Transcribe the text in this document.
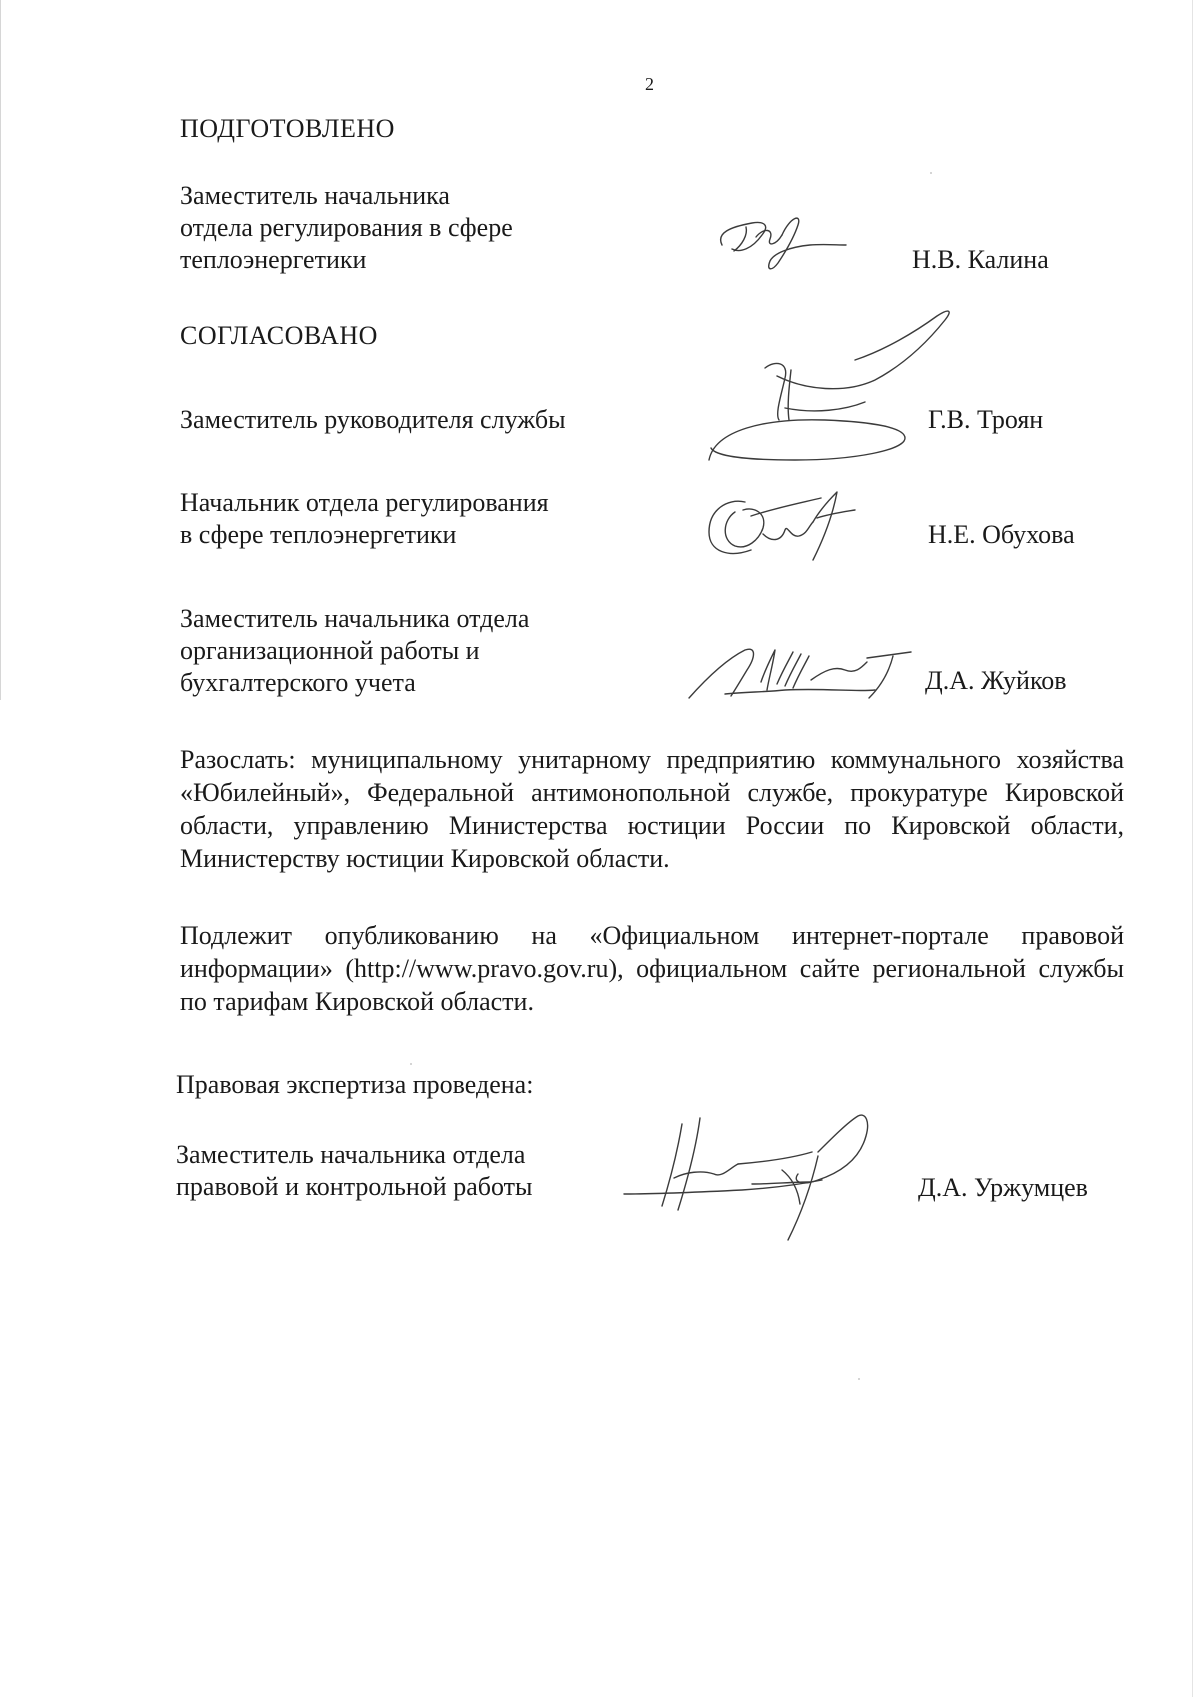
2
ПОДГОТОВЛЕНО
Заместитель начальника
отдела регулирования в сфере
теплоэнергетики	Н.В. Калина
СОГЛАСОВАНО
Заместитель руководителя службы	Г.В. Троян
Начальник отдела регулирования
в сфере теплоэнергетики	Н.Е. Обухова
Заместитель начальника отдела
организационной работы и
бухгалтерского учета	Д.А. Жуйков
Разослать: муниципальному унитарному предприятию коммунального хозяйства «Юбилейный», Федеральной антимонопольной службе, прокуратуре Кировской области, управлению Министерства юстиции России по Кировской области, Министерству юстиции Кировской области.
Подлежит опубликованию на «Официальном интернет-портале правовой информации» (http://www.pravo.gov.ru), официальном сайте региональной службы по тарифам Кировской области.
Правовая экспертиза проведена:
Заместитель начальника отдела
правовой и контрольной работы	Д.А. Уржумцев
